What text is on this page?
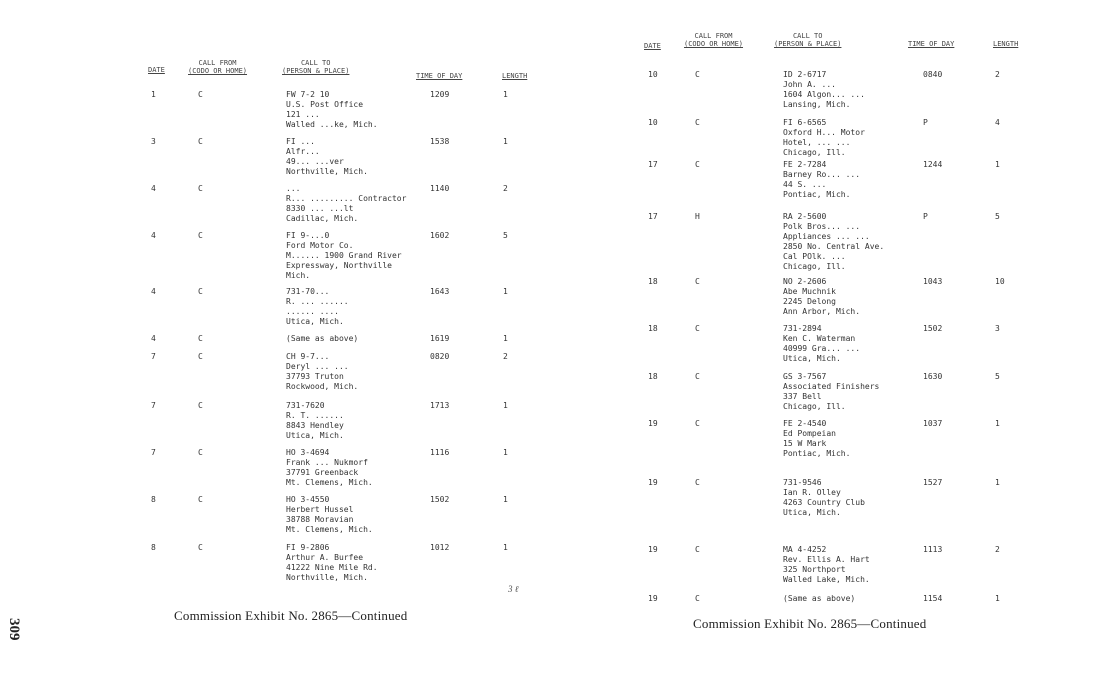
DATE
CALL FROM
(CODO OR HOME)
CALL TO
(PERSON & PLACE)
TIME OF DAY	LENGTH
1	C	FW 7-2 10
U.S. Post Office
121 ...
Walled ...ke, Mich.
1209	1
3	C	FI ...
Alfr...
49... ...ver
Northville, Mich.
1538	1
4	C	...
R... ......... Contractor
8330 ... ...lt
Cadillac, Mich.
1140	2
4	C	FI 9-...0
Ford Motor Co.
M...... 1900 Grand River
Expressway, Northville
Mich.
1602	5
4	C	731-70...
R. ... ......
...... ....
Utica, Mich.
1643	1
4	C	(Same as above)	1619	1
7	C	CH 9-7...
Deryl ... ...
37793 Truton
Rockwood, Mich.
0820	2
7	C	731-7620
R. T. ......
8843 Hendley
Utica, Mich.
1713	1
7	C	HO 3-4694
Frank ... Nukmorf
37791 Greenback
Mt. Clemens, Mich.
1116	1
8	C	HO 3-4550
Herbert Hussel
38788 Moravian
Mt. Clemens, Mich.
1502	1
8	C	FI 9-2806
Arthur A. Burfee
41222 Nine Mile Rd.
Northville, Mich.
1012	1
3 ℓ
Commission Exhibit No. 2865—Continued
309
DATE
CALL FROM
(CODO OR HOME)
CALL TO
(PERSON & PLACE)	TIME OF DAY	LENGTH
10	C	ID 2-6717
John A. ...
1604 Algon... ...
Lansing, Mich.
0840	2
10	C	FI 6-6565
Oxford H... Motor
Hotel, ... ...
Chicago, Ill.
P	4
17	C	FE 2-7284
Barney Ro... ...
44 S. ...
Pontiac, Mich.
1244	1
17	H	RA 2-5600
Polk Bros... ...
Appliances ... ...
2850 No. Central Ave.
Cal POlk. ...
Chicago, Ill.
P	5
18	C	NO 2-2606
Abe Muchnik
2245 Delong
Ann Arbor, Mich.
1043	10
18	C	731-2894
Ken C. Waterman
40999 Gra... ...
Utica, Mich.
1502	3
18	C	GS 3-7567
Associated Finishers
337 Bell
Chicago, Ill.
1630	5
19	C	FE 2-4540
Ed Pompeian
15 W Mark
Pontiac, Mich.
1037	1
19	C	731-9546
Ian R. Olley
4263 Country Club
Utica, Mich.
1527	1
19	C	MA 4-4252
Rev. Ellis A. Hart
325 Northport
Walled Lake, Mich.
1113	2
19	C	(Same as above)	1154	1
Commission Exhibit No. 2865—Continued
